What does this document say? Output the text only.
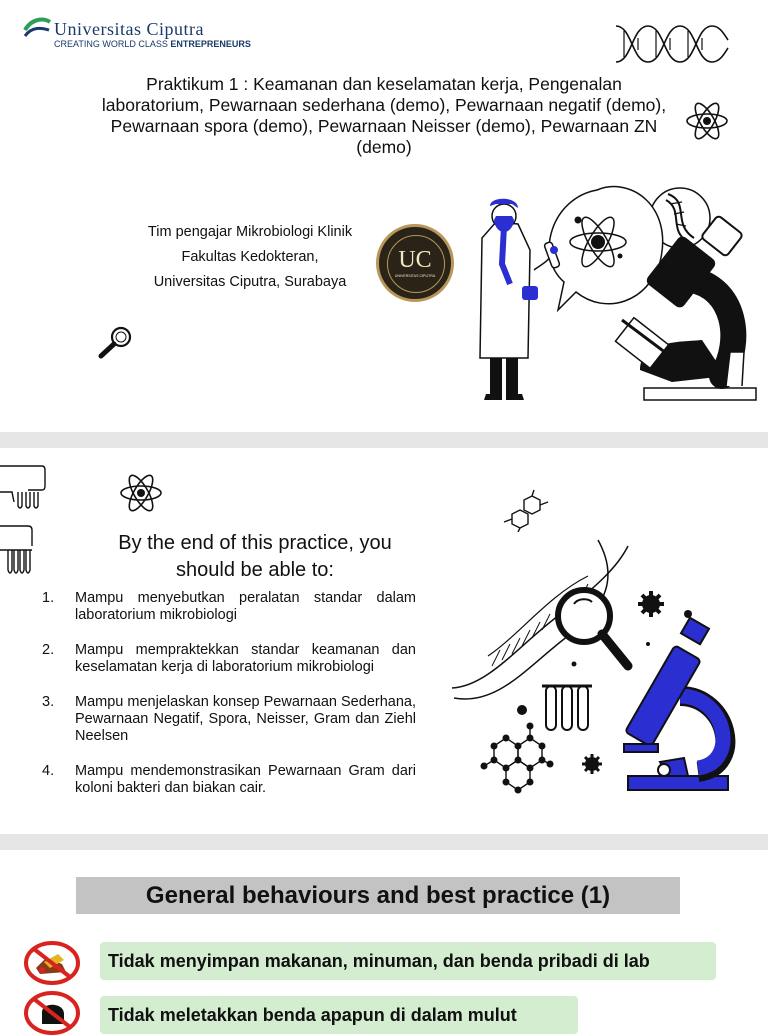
Universitas Ciputra
CREATING WORLD CLASS ENTREPRENEURS
Praktikum 1 : Keamanan dan keselamatan kerja, Pengenalan laboratorium, Pewarnaan sederhana (demo), Pewarnaan negatif (demo), Pewarnaan spora (demo), Pewarnaan Neisser (demo), Pewarnaan ZN (demo)
Tim pengajar Mikrobiologi Klinik
Fakultas Kedokteran,
Universitas Ciputra, Surabaya
UC
UNIVERSITAS CIPUTRA
By the end of this practice, you should be able to:
1. Mampu menyebutkan peralatan standar dalam laboratorium mikrobiologi
2. Mampu mempraktekkan standar keamanan dan keselamatan kerja di laboratorium mikrobiologi
3. Mampu menjelaskan konsep Pewarnaan Sederhana, Pewarnaan Negatif, Spora, Neisser, Gram dan Ziehl Neelsen
4. Mampu mendemonstrasikan Pewarnaan Gram dari koloni bakteri dan biakan cair.
General behaviours and best practice (1)
Tidak menyimpan makanan, minuman, dan benda pribadi di lab
Tidak meletakkan benda apapun di dalam mulut
